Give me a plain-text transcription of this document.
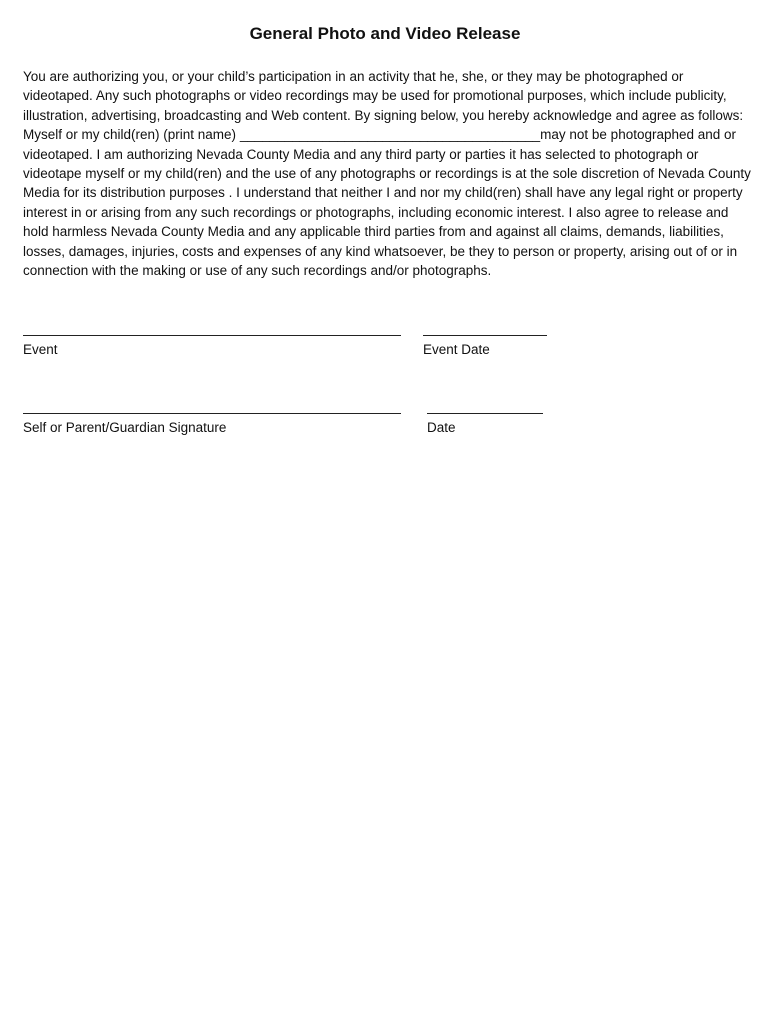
General Photo and Video Release
You are authorizing you, or your child’s participation in an activity that he, she, or they may be photographed or videotaped. Any such photographs or video recordings may be used for promotional purposes, which include publicity, illustration, advertising, broadcasting and Web content. By signing below, you hereby acknowledge and agree as follows: Myself or my child(ren) (print name) ________________________________________may not be photographed and or videotaped. I am authorizing Nevada County Media and any third party or parties it has selected to photograph or videotape myself or my child(ren) and the use of any photographs or recordings is at the sole discretion of Nevada County Media for its distribution purposes . I understand that neither I and nor my child(ren) shall have any legal right or property interest in or arising from any such recordings or photographs, including economic interest. I also agree to release and hold harmless Nevada County Media and any applicable third parties from and against all claims, demands, liabilities, losses, damages, injuries, costs and expenses of any kind whatsoever, be they to person or property, arising out of or in connection with the making or use of any such recordings and/or photographs.
Event	Event Date
Self or Parent/Guardian Signature	Date
